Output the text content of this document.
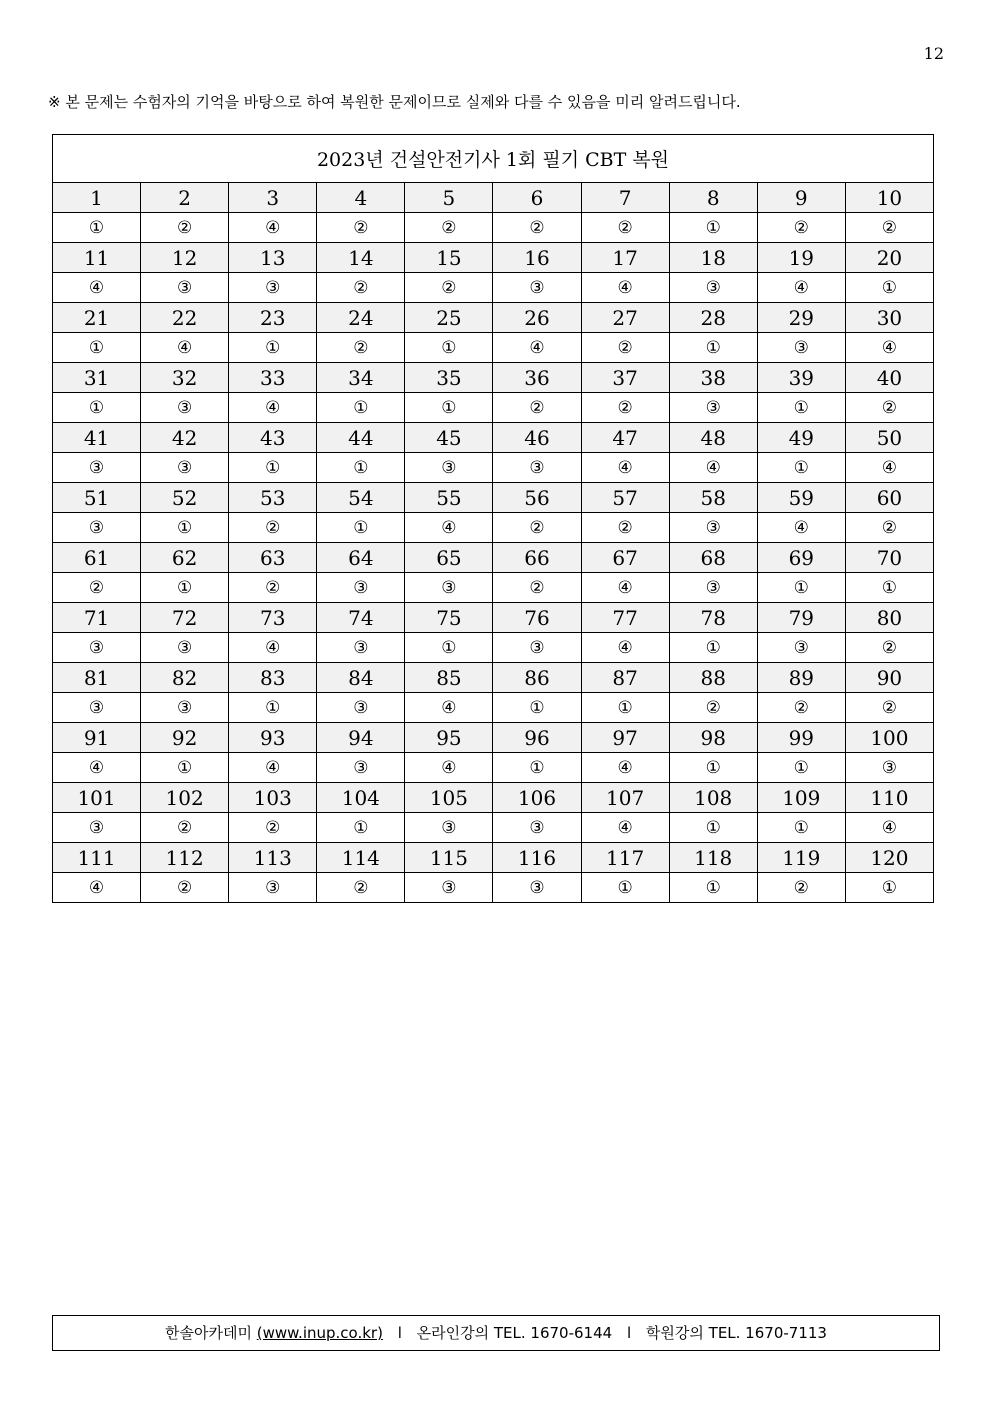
12
※ 본 문제는 수험자의 기억을 바탕으로 하여 복원한 문제이므로 실제와 다를 수 있음을 미리 알려드립니다.
2023년 건설안전기사 1회 필기 CBT 복원									
1	2	3	4	5	6	7	8	9	10
①	②	④	②	②	②	②	①	②	②
11	12	13	14	15	16	17	18	19	20
④	③	③	②	②	③	④	③	④	①
21	22	23	24	25	26	27	28	29	30
①	④	①	②	①	④	②	①	③	④
31	32	33	34	35	36	37	38	39	40
①	③	④	①	①	②	②	③	①	②
41	42	43	44	45	46	47	48	49	50
③	③	①	①	③	③	④	④	①	④
51	52	53	54	55	56	57	58	59	60
③	①	②	①	④	②	②	③	④	②
61	62	63	64	65	66	67	68	69	70
②	①	②	③	③	②	④	③	①	①
71	72	73	74	75	76	77	78	79	80
③	③	④	③	①	③	④	①	③	②
81	82	83	84	85	86	87	88	89	90
③	③	①	③	④	①	①	②	②	②
91	92	93	94	95	96	97	98	99	100
④	①	④	③	④	①	④	①	①	③
101	102	103	104	105	106	107	108	109	110
③	②	②	①	③	③	④	①	①	④
111	112	113	114	115	116	117	118	119	120
④	②	③	②	③	③	①	①	②	①
한솔아카데미 (www.inup.co.kr) l 온라인강의 TEL. 1670-6144 l 학원강의 TEL. 1670-7113
